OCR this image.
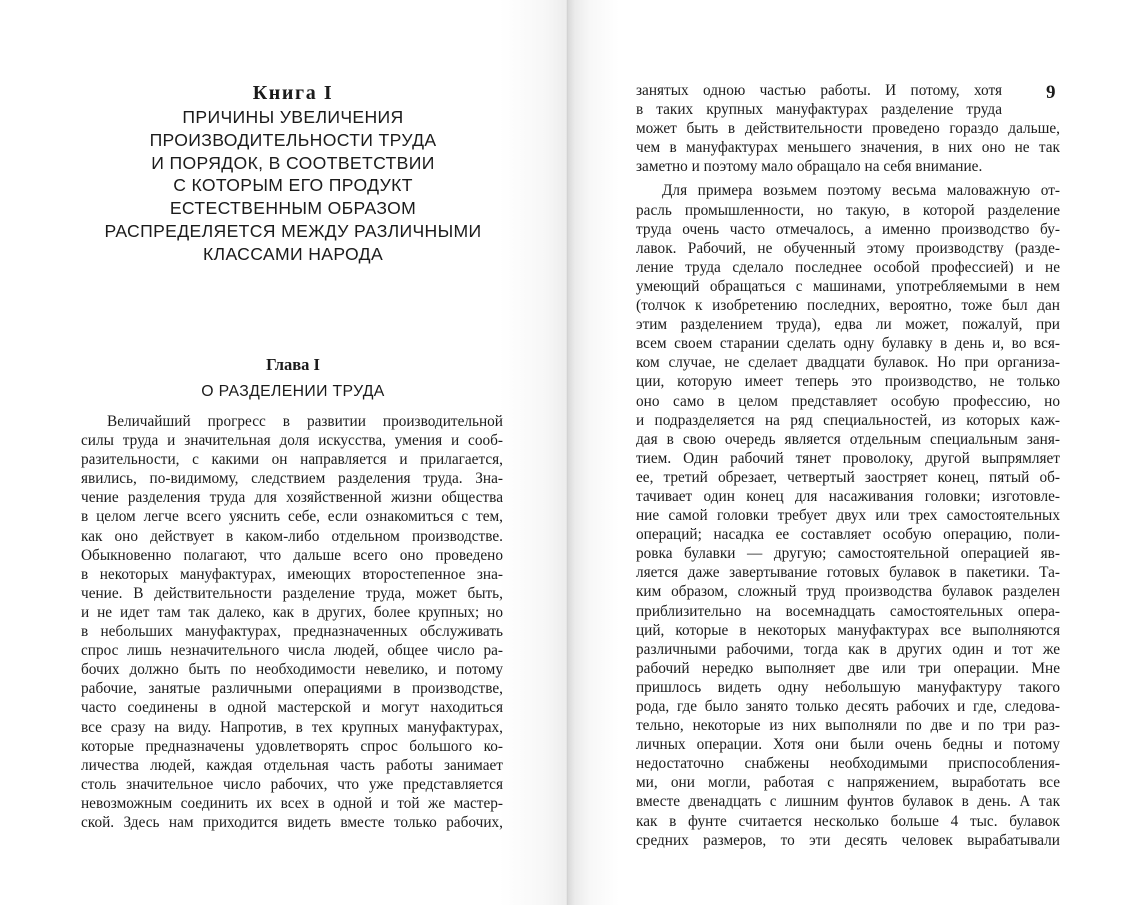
Книга I
ПРИЧИНЫ УВЕЛИЧЕНИЯ
ПРОИЗВОДИТЕЛЬНОСТИ ТРУДА
И ПОРЯДОК, В СООТВЕТСТВИИ
С КОТОРЫМ ЕГО ПРОДУКТ
ЕСТЕСТВЕННЫМ ОБРАЗОМ
РАСПРЕДЕЛЯЕТСЯ МЕЖДУ РАЗЛИЧНЫМИ
КЛАССАМИ НАРОДА
Глава I
О РАЗДЕЛЕНИИ ТРУДА
Величайший прогресс в развитии производительной
силы труда и значительная доля искусства, умения и сооб-
разительности, с какими он направляется и прилагается,
явились, по-видимому, следствием разделения труда. Зна-
чение разделения труда для хозяйственной жизни общества
в целом легче всего уяснить себе, если ознакомиться с тем,
как оно действует в каком-либо отдельном производстве.
Обыкновенно полагают, что дальше всего оно проведено
в некоторых мануфактурах, имеющих второстепенное зна-
чение. В действительности разделение труда, может быть,
и не идет там так далеко, как в других, более крупных; но
в небольших мануфактурах, предназначенных обслуживать
спрос лишь незначительного числа людей, общее число ра-
бочих должно быть по необходимости невелико, и потому
рабочие, занятые различными операциями в производстве,
часто соединены в одной мастерской и могут находиться
все сразу на виду. Напротив, в тех крупных мануфактурах,
которые предназначены удовлетворять спрос большого ко-
личества людей, каждая отдельная часть работы занимает
столь значительное число рабочих, что уже представляется
невозможным соединить их всех в одной и той же мастер-
ской. Здесь нам приходится видеть вместе только рабочих,
9
занятых одною частью работы. И потому, хотя
в таких крупных мануфактурах разделение труда
может быть в действительности проведено гораздо дальше,
чем в мануфактурах меньшего значения, в них оно не так
заметно и поэтому мало обращало на себя внимание.
Для примера возьмем поэтому весьма маловажную от-
расль промышленности, но такую, в которой разделение
труда очень часто отмечалось, а именно производство бу-
лавок. Рабочий, не обученный этому производству (разде-
ление труда сделало последнее особой профессией) и не
умеющий обращаться с машинами, употребляемыми в нем
(толчок к изобретению последних, вероятно, тоже был дан
этим разделением труда), едва ли может, пожалуй, при
всем своем старании сделать одну булавку в день и, во вся-
ком случае, не сделает двадцати булавок. Но при организа-
ции, которую имеет теперь это производство, не только
оно само в целом представляет особую профессию, но
и подразделяется на ряд специальностей, из которых каж-
дая в свою очередь является отдельным специальным заня-
тием. Один рабочий тянет проволоку, другой выпрямляет
ее, третий обрезает, четвертый заостряет конец, пятый об-
тачивает один конец для насаживания головки; изготовле-
ние самой головки требует двух или трех самостоятельных
операций; насадка ее составляет особую операцию, поли-
ровка булавки — другую; самостоятельной операцией яв-
ляется даже завертывание готовых булавок в пакетики. Та-
ким образом, сложный труд производства булавок разделен
приблизительно на восемнадцать самостоятельных опера-
ций, которые в некоторых мануфактурах все выполняются
различными рабочими, тогда как в других один и тот же
рабочий нередко выполняет две или три операции. Мне
пришлось видеть одну небольшую мануфактуру такого
рода, где было занято только десять рабочих и где, следова-
тельно, некоторые из них выполняли по две и по три раз-
личных операции. Хотя они были очень бедны и потому
недостаточно снабжены необходимыми приспособления-
ми, они могли, работая с напряжением, выработать все
вместе двенадцать с лишним фунтов булавок в день. А так
как в фунте считается несколько больше 4 тыс. булавок
средних размеров, то эти десять человек вырабатывали
